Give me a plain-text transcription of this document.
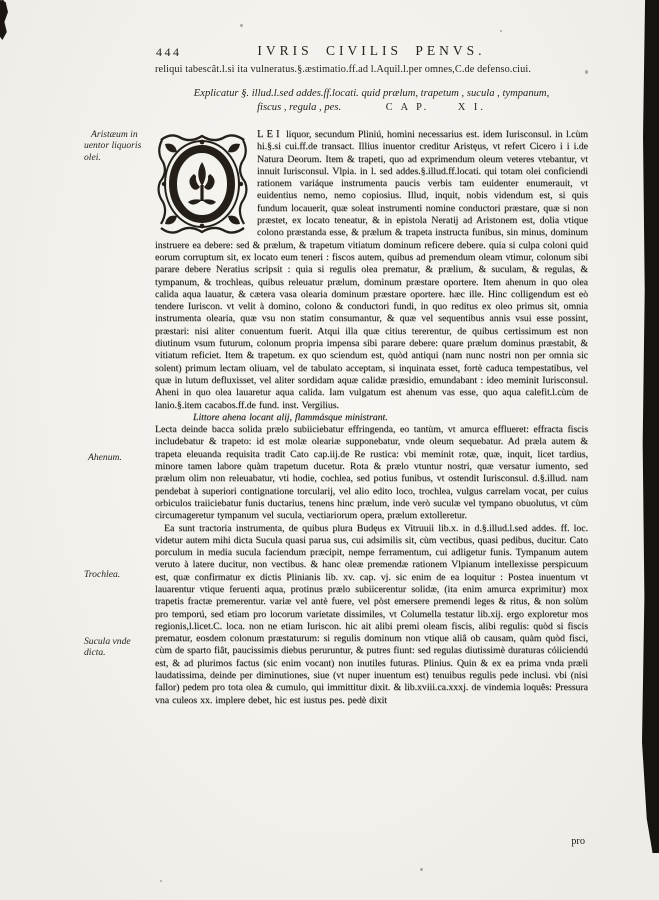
444	IVRIS CIVILIS PENVS.
reliqui tabescât.l.si ita vulneratus.§.æstimatio.ff.ad l.Aquil.l.per omnes,C.de defenso.ciui.
Explicatur §. illud.l.sed addes.ff.locati. quid prælum, trapetum , sucula , tympanum,
fiscus , regula , pes.	C A P.	X I.
Aristæum in
uentor liquoris
olei.
Ahenum.
Trochlea.
Sucula vnde
dicta.

LEI liquor, secundum Pliniú, homini necessarius est. idem Iurisconsul. in l.cùm hi.§.si cui.ff.de transact. Illius inuentor creditur Aristęus, vt refert Cicero i i i.de Natura Deorum. Item & trapeti, quo ad exprimendum oleum veteres vtebantur, vt innuit Iurisconsul. Vlpia. in l. sed addes.§.illud.ff.locati. qui totam olei conficiendi rationem variáque instrumenta paucis verbis tam euidenter enumerauit, vt euidentius nemo, nemo copiosius. Illud, inquit, nobis videndum est, si quis fundum locauerit, quæ soleat instrumenti nomine conductori præstare, quæ si non præstet, ex locato teneatur, & in epistola Neratij ad Aristonem est, dolia vtique colono præstanda esse, & prælum & trapeta instructa funibus, sin minus, dominum instruere ea debere: sed & prælum, & trapetum vitiatum dominum reficere debere. quia si culpa coloni quid eorum corruptum sit, ex locato eum teneri : fiscos autem, quibus ad premendum oleam vtimur, colonum sibi parare debere Neratius scripsit : quia si regulis olea prematur, & prælium, & suculam, & regulas, & tympanum, & trochleas, quibus releuatur prælum, dominum præstare oportere. Item ahenum in quo olea calida aqua lauatur, & cætera vasa olearia dominum præstare oportere. hæc ille. Hinc colligendum est eò tendere Iuriscon. vt velit à domino, colono & conductori fundi, in quo reditus ex oleo primus sit, omnia instrumenta olearia, quæ vsu non statim consumantur, & quæ vel sequentibus annis vsui esse possint, præstari: nisi aliter conuentum fuerit. Atqui illa quæ citius tererentur, de quibus certissimum est non diutinum vsum futurum, colonum propria impensa sibi parare debere: quare prælum dominus præstabit, & vitiatum reficiet. Item & trapetum. ex quo sciendum est, quòd antiqui (nam nunc nostri non per omnia sic solent) primum lectam oliuam, vel de tabulato acceptam, si inquinata esset, fortè caduca tempestatibus, vel quæ in lutum defluxisset, vel aliter sordidam aquæ calidæ præsidio, emundabant : ideo meminit Iurisconsul. Aheni in quo olea lauaretur aqua calida. Iam vulgatum est ahenum vas esse, quo aqua calefit.l.cùm de lanio.§.item cacabos.ff.de fund. inst. Vergilius.

Littore ahena locant alij, flammásque ministrant.

Lecta deinde bacca solida prælo subiiciebatur effringenda, eo tantùm, vt amurca efflueret: effracta fiscis includebatur & trapeto: id est molæ oleariæ supponebatur, vnde oleum sequebatur. Ad præla autem & trapeta eleuanda requisita tradit Cato cap.iij.de Re rustica: vbi meminit rotæ, quæ, inquit, licet tardius, minore tamen labore quàm trapetum ducetur. Rota & prælo vtuntur nostri, quæ versatur iumento, sed prælum olim non releuabatur, vti hodie, cochlea, sed potius funibus, vt ostendit Iurisconsul. d.§.illud. nam pendebat à superiori contignatione torcularij, vel alio edito loco, trochlea, vulgus carrelam vocat, per cuius orbiculos traiiciebatur funis ductarius, tenens hinc prælum, inde verò suculæ vel tympano obuolutus, vt cùm circumageretur tympanum vel sucula, vectiariorum opera, prælum extolleretur.

Ea sunt tractoria instrumenta, de quibus plura Budęus ex Vitruuii lib.x. in d.§.illud.l.sed addes. ff. loc. videtur autem mihi dicta Sucula quasi parua sus, cui adsimilis sit, cùm vectibus, quasi pedibus, ducitur. Cato porculum in media sucula faciendum præcipit, nempe ferramentum, cui adligetur funis. Tympanum autem veruto à latere ducitur, non vectibus. & hanc oleæ premendæ rationem Vlpianum intellexisse perspicuum est, quæ confirmatur ex dictis Plinianis lib. xv. cap. vj. sic enim de ea loquitur : Postea inuentum vt lauarentur vtique feruenti aqua, protinus prælo subiicerentur solidæ, (ita enim amurca exprimitur) mox trapetis fractæ premerentur. variæ vel antè fuere, vel pòst emersere premendi leges & ritus, & non solùm pro temporú, sed etiam pro locorum varietate dissimiles, vt Columella testatur lib.xij. ergo exploretur mos regionis,l.licet.C. loca. non ne etiam Iuriscon. hic ait alibi premi oleam fiscis, alibi regulis: quòd si fiscis prematur, eosdem colonum præstaturum: si regulis dominum non vtique aliâ ob causam, quàm quòd fisci, cùm de sparto fiât, paucissimis diebus peruruntur, & putres fiunt: sed regulas diutissimè duraturas cóiiciendú est, & ad plurimos factus (sic enim vocant) non inutiles futuras. Plinius. Quin & ex ea prima vnda præli laudatissima, deinde per diminutiones, siue (vt nuper inuentum est) tenuibus regulis pede inclusi. vbi (nisi fallor) pedem pro tota olea & cumulo, qui immittitur dixit. & lib.xviii.ca.xxxj. de vindemia loquês: Pressura vna culeos xx. implere debet, hic est iustus pes. pedè dixit

pro
